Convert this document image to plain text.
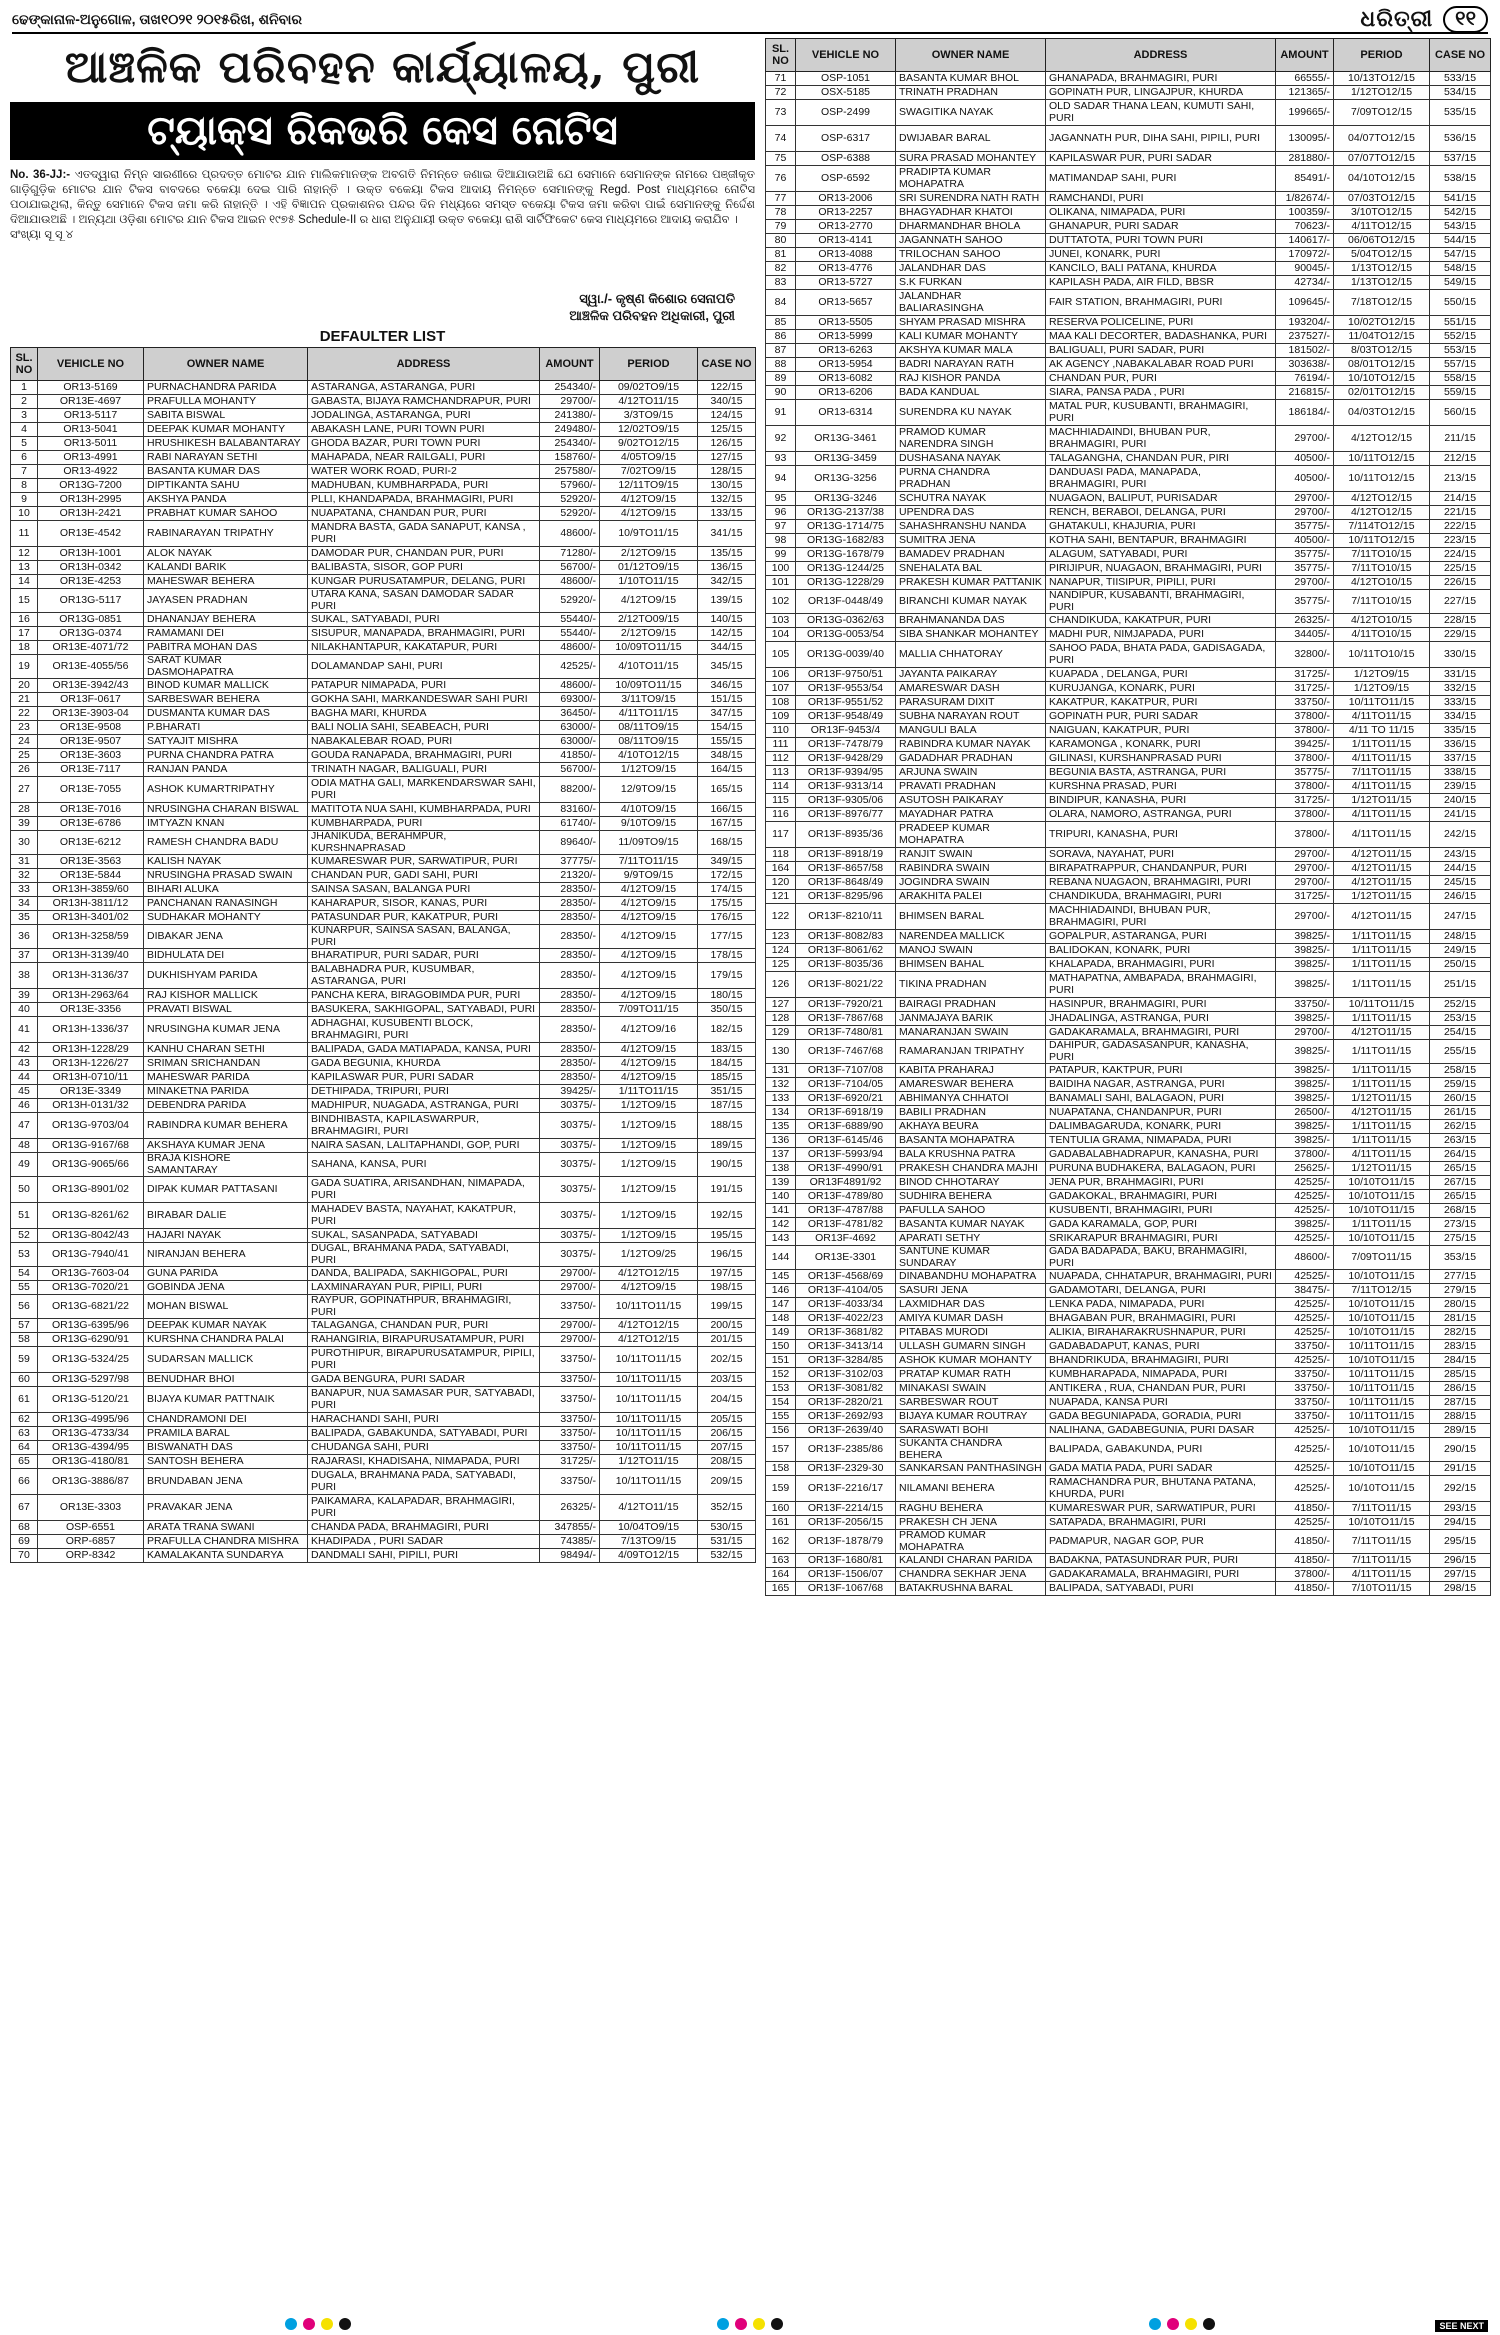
ଢେଙ୍କାନାଳ-ଅନୁଗୋଳ, ତାଖ୧୦୨୧ ୨୦୧୫ରିଖ, ଶନିବାର	ଧରିତ୍ରୀ	୧୧
ଆଞ୍ଚଳିକ ପରିବହନ କାର୍ଯ୍ୟାଳୟ, ପୁରୀ
ଟ୍ୟାକ୍ସ ରିକଭରି କେସ ନୋଟିସ
No. 36-JJ:- ଏତଦ୍ୱାରା ନିମ୍ନ ସାରଣୀରେ ପ୍ରଦତ୍ତ ମୋଟର ଯାନ ମାଲିକମାନଙ୍କ ଅବଗତି ନିମନ୍ତେ ଜଣାଇ ଦିଆଯାଉଅଛି ଯେ ସେମାନେ ସେମାନଙ୍କ ନାମରେ ପଞ୍ଜୀକୃତ ଗାଡ଼ିଗୁଡ଼ିକ ମୋଟର ଯାନ ଟିକସ ବାବଦରେ ବକେୟା ଦେଇ ପାରି ନାହାନ୍ତି । ଉକ୍ତ ବକେୟା ଟିକସ ଆଦାୟ ନିମନ୍ତେ ସେମାନଙ୍କୁ Regd. Post ମାଧ୍ୟମରେ ନୋଟିସ ପଠାଯାଇଥିଲା, କିନ୍ତୁ ସେମାନେ ଟିକସ ଜମା କରି ନାହାନ୍ତି । ଏହି ବିଜ୍ଞାପନ ପ୍ରକାଶନର ପନ୍ଦର ଦିନ ମଧ୍ୟରେ ସମସ୍ତ ବକେୟା ଟିକସ ଜମା କରିବା ପାଇଁ ସେମାନଙ୍କୁ ନିର୍ଦ୍ଦେଶ ଦିଆଯାଉଅଛି । ଅନ୍ୟଥା ଓଡ଼ିଶା ମୋଟର ଯାନ ଟିକସ ଆଇନ ୧୯୭୫ Schedule-II ର ଧାରା ଅନୁଯାୟୀ ଉକ୍ତ ବକେୟା ରାଶି ସାର୍ଟିଫିକେଟ କେସ ମାଧ୍ୟମରେ ଆଦାୟ କରାଯିବ ।
ସଂଖ୍ୟା ସୂ ସୂ ୪
ସ୍ୱା./- କୃଷ୍ଣ କିଶୋର ସେନାପତି
ଆଞ୍ଚଳିକ ପରିବହନ ଅଧିକାରୀ, ପୁରୀ
DEFAULTER LIST
SL. NO	VEHICLE NO	OWNER NAME	ADDRESS	AMOUNT	PERIOD	CASE NO
1	OR13-5169	PURNACHANDRA PARIDA	ASTARANGA, ASTARANGA, PURI	254340/-	09/02TO9/15	122/15
2	OR13E-4697	PRAFULLA MOHANTY	GABASTA, BIJAYA RAMCHANDRAPUR, PURI	29700/-	4/12TO11/15	340/15
3	OR13-5117	SABITA BISWAL	JODALINGA, ASTARANGA, PURI	241380/-	3/3TO9/15	124/15
4	OR13-5041	DEEPAK KUMAR MOHANTY	ABAKASH LANE, PURI TOWN PURI	249480/-	12/02TO9/15	125/15
5	OR13-5011	HRUSHIKESH BALABANTARAY	GHODA BAZAR, PURI TOWN PURI	254340/-	9/02TO12/15	126/15
6	OR13-4991	RABI NARAYAN SETHI	MAHAPADA, NEAR RAILGALI, PURI	158760/-	4/05TO9/15	127/15
7	OR13-4922	BASANTA KUMAR DAS	WATER WORK ROAD, PURI-2	257580/-	7/02TO9/15	128/15
8	OR13G-7200	DIPTIKANTA SAHU	MADHUBAN, KUMBHARPADA, PURI	57960/-	12/11TO9/15	130/15
9	OR13H-2995	AKSHYA PANDA	PLLI, KHANDAPADA, BRAHMAGIRI, PURI	52920/-	4/12TO9/15	132/15
10	OR13H-2421	PRABHAT KUMAR SAHOO	NUAPATANA, CHANDAN PUR, PURI	52920/-	4/12TO9/15	133/15
11	OR13E-4542	RABINARAYAN TRIPATHY	MANDRA BASTA, GADA SANAPUT, KANSA , PURI	48600/-	10/9TO11/15	341/15
12	OR13H-1001	ALOK NAYAK	DAMODAR PUR, CHANDAN PUR, PURI	71280/-	2/12TO9/15	135/15
13	OR13H-0342	KALANDI BARIK	BALIBASTA, SISOR, GOP PURI	56700/-	01/12TO9/15	136/15
14	OR13E-4253	MAHESWAR BEHERA	KUNGAR PURUSATAMPUR, DELANG, PURI	48600/-	1/10TO11/15	342/15
15	OR13G-5117	JAYASEN PRADHAN	UTARA KANA, SASAN DAMODAR SADAR PURI	52920/-	4/12TO9/15	139/15
16	OR13G-0851	DHANANJAY BEHERA	SUKAL, SATYABADI, PURI	55440/-	2/12TO09/15	140/15
17	OR13G-0374	RAMAMANI DEI	SISUPUR, MANAPADA, BRAHMAGIRI, PURI	55440/-	2/12TO9/15	142/15
18	OR13E-4071/72	PABITRA MOHAN DAS	NILAKHANTAPUR, KAKATAPUR, PURI	48600/-	10/09TO11/15	344/15
19	OR13E-4055/56	SARAT KUMAR DASMOHAPATRA	DOLAMANDAP SAHI, PURI	42525/-	4/10TO11/15	345/15
20	OR13E-3942/43	BINOD KUMAR MALLICK	PATAPUR NIMAPADA, PURI	48600/-	10/09TO11/15	346/15
21	OR13F-0617	SARBESWAR BEHERA	GOKHA SAHI, MARKANDESWAR SAHI PURI	69300/-	3/11TO9/15	151/15
22	OR13E-3903-04	DUSMANTA KUMAR DAS	BAGHA MARI, KHURDA	36450/-	4/11TO11/15	347/15
23	OR13E-9508	P.BHARATI	BALI NOLIA SAHI, SEABEACH, PURI	63000/-	08/11TO9/15	154/15
24	OR13E-9507	SATYAJIT MISHRA	NABAKALEBAR ROAD, PURI	63000/-	08/11TO9/15	155/15
25	OR13E-3603	PURNA CHANDRA PATRA	GOUDA RANAPADA, BRAHMAGIRI, PURI	41850/-	4/10TO12/15	348/15
26	OR13E-7117	RANJAN PANDA	TRINATH NAGAR, BALIGUALI, PURI	56700/-	1/12TO9/15	164/15
27	OR13E-7055	ASHOK KUMARTRIPATHY	ODIA MATHA GALI, MARKENDARSWAR SAHI, PURI	88200/-	12/9TO9/15	165/15
28	OR13E-7016	NRUSINGHA CHARAN BISWAL	MATITOTA NUA SAHI, KUMBHARPADA, PURI	83160/-	4/10TO9/15	166/15
39	OR13E-6786	IMTYAZN KNAN	KUMBHARPADA, PURI	61740/-	9/10TO9/15	167/15
30	OR13E-6212	RAMESH CHANDRA BADU	JHANIKUDA, BERAHMPUR, KURSHNAPRASAD	89640/-	11/09TO9/15	168/15
31	OR13E-3563	KALISH NAYAK	KUMARESWAR PUR, SARWATIPUR, PURI	37775/-	7/11TO11/15	349/15
32	OR13E-5844	NRUSINGHA PRASAD SWAIN	CHANDAN PUR, GADI SAHI, PURI	21320/-	9/9TO9/15	172/15
33	OR13H-3859/60	BIHARI ALUKA	SAINSA SASAN, BALANGA PURI	28350/-	4/12TO9/15	174/15
34	OR13H-3811/12	PANCHANAN RANASINGH	KAHARAPUR, SISOR, KANAS, PURI	28350/-	4/12TO9/15	175/15
35	OR13H-3401/02	SUDHAKAR MOHANTY	PATASUNDAR PUR, KAKATPUR, PURI	28350/-	4/12TO9/15	176/15
36	OR13H-3258/59	DIBAKAR JENA	KUNARPUR, SAINSA SASAN, BALANGA, PURI	28350/-	4/12TO9/15	177/15
37	OR13H-3139/40	BIDHULATA DEI	BHARATIPUR, PURI SADAR, PURI	28350/-	4/12TO9/15	178/15
38	OR13H-3136/37	DUKHISHYAM PARIDA	BALABHADRA PUR, KUSUMBAR, ASTARANGA, PURI	28350/-	4/12TO9/15	179/15
39	OR13H-2963/64	RAJ KISHOR MALLICK	PANCHA KERA, BIRAGOBIMDA PUR, PURI	28350/-	4/12TO9/15	180/15
40	OR13E-3356	PRAVATI BISWAL	BASUKERA, SAKHIGOPAL, SATYABADI, PURI	28350/-	7/09TO11/15	350/15
41	OR13H-1336/37	NRUSINGHA KUMAR JENA	ADHAGHAI, KUSUBENTI BLOCK, BRAHMAGIRI, PURI	28350/-	4/12TO9/16	182/15
42	OR13H-1228/29	KANHU CHARAN SETHI	BALIPADA, GADA MATIAPADA, KANSA, PURI	28350/-	4/12TO9/15	183/15
43	OR13H-1226/27	SRIMAN SRICHANDAN	GADA BEGUNIA, KHURDA	28350/-	4/12TO9/15	184/15
44	OR13H-0710/11	MAHESWAR PARIDA	KAPILASWAR PUR, PURI SADAR	28350/-	4/12TO9/15	185/15
45	OR13E-3349	MINAKETNA PARIDA	DETHIPADA, TRIPURI, PURI	39425/-	1/11TO11/15	351/15
46	OR13H-0131/32	DEBENDRA PARIDA	MADHIPUR, NUAGADA, ASTRANGA, PURI	30375/-	1/12TO9/15	187/15
47	OR13G-9703/04	RABINDRA KUMAR BEHERA	BINDHIBASTA, KAPILASWARPUR, BRAHMAGIRI, PURI	30375/-	1/12TO9/15	188/15
48	OR13G-9167/68	AKSHAYA KUMAR JENA	NAIRA SASAN, LALITAPHANDI, GOP, PURI	30375/-	1/12TO9/15	189/15
49	OR13G-9065/66	BRAJA KISHORE SAMANTARAY	SAHANA, KANSA, PURI	30375/-	1/12TO9/15	190/15
50	OR13G-8901/02	DIPAK KUMAR PATTASANI	GADA SUATIRA, ARISANDHAN, NIMAPADA, PURI	30375/-	1/12TO9/15	191/15
51	OR13G-8261/62	BIRABAR DALIE	MAHADEV BASTA, NAYAHAT, KAKATPUR, PURI	30375/-	1/12TO9/15	192/15
52	OR13G-8042/43	HAJARI NAYAK	SUKAL, SASANPADA, SATYABADI	30375/-	1/12TO9/15	195/15
53	OR13G-7940/41	NIRANJAN BEHERA	DUGAL, BRAHMANA PADA, SATYABADI, PURI	30375/-	1/12TO9/25	196/15
54	OR13G-7603-04	GUNA PARIDA	DANDA, BALIPADA, SAKHIGOPAL, PURI	29700/-	4/12TO12/15	197/15
55	OR13G-7020/21	GOBINDA JENA	LAXMINARAYAN PUR, PIPILI, PURI	29700/-	4/12TO9/15	198/15
56	OR13G-6821/22	MOHAN BISWAL	RAYPUR, GOPINATHPUR, BRAHMAGIRI, PURI	33750/-	10/11TO11/15	199/15
57	OR13G-6395/96	DEEPAK KUMAR NAYAK	TALAGANGA, CHANDAN PUR, PURI	29700/-	4/12TO12/15	200/15
58	OR13G-6290/91	KURSHNA CHANDRA PALAI	RAHANGIRIA, BIRAPURUSATAMPUR, PURI	29700/-	4/12TO12/15	201/15
59	OR13G-5324/25	SUDARSAN MALLICK	PUROTHIPUR, BIRAPURUSATAMPUR, PIPILI, PURI	33750/-	10/11TO11/15	202/15
60	OR13G-5297/98	BENUDHAR BHOI	GADA BENGURA, PURI SADAR	33750/-	10/11TO11/15	203/15
61	OR13G-5120/21	BIJAYA KUMAR PATTNAIK	BANAPUR, NUA SAMASAR PUR, SATYABADI, PURI	33750/-	10/11TO11/15	204/15
62	OR13G-4995/96	CHANDRAMONI DEI	HARACHANDI SAHI, PURI	33750/-	10/11TO11/15	205/15
63	OR13G-4733/34	PRAMILA BARAL	BALIPADA, GABAKUNDA, SATYABADI, PURI	33750/-	10/11TO11/15	206/15
64	OR13G-4394/95	BISWANATH DAS	CHUDANGA SAHI, PURI	33750/-	10/11TO11/15	207/15
65	OR13G-4180/81	SANTOSH BEHERA	RAJARASI, KHADISAHA, NIMAPADA, PURI	31725/-	1/12TO11/15	208/15
66	OR13G-3886/87	BRUNDABAN JENA	DUGALA, BRAHMANA PADA, SATYABADI, PURI	33750/-	10/11TO11/15	209/15
67	OR13E-3303	PRAVAKAR JENA	PAIKAMARA, KALAPADAR, BRAHMAGIRI, PURI	26325/-	4/12TO11/15	352/15
68	OSP-6551	ARATA TRANA SWANI	CHANDA PADA, BRAHMAGIRI, PURI	347855/-	10/04TO9/15	530/15
69	ORP-6857	PRAFULLA CHANDRA MISHRA	KHADIPADA , PURI SADAR	74385/-	7/13TO9/15	531/15
70	ORP-8342	KAMALAKANTA SUNDARYA	DANDMALI SAHI, PIPILI, PURI	98494/-	4/09TO12/15	532/15
SL. NO	VEHICLE NO	OWNER NAME	ADDRESS	AMOUNT	PERIOD	CASE NO
71	OSP-1051	BASANTA KUMAR BHOL	GHANAPADA, BRAHMAGIRI, PURI	66555/-	10/13TO12/15	533/15
72	OSX-5185	TRINATH PRADHAN	GOPINATH PUR, LINGAJPUR, KHURDA	121365/-	1/12TO12/15	534/15
73	OSP-2499	SWAGITIKA NAYAK	OLD SADAR THANA LEAN, KUMUTI SAHI, PURI	199665/-	7/09TO12/15	535/15
74	OSP-6317	DWIJABAR BARAL	JAGANNATH PUR, DIHA SAHI, PIPILI, PURI	130095/-	04/07TO12/15	536/15
75	OSP-6388	SURA PRASAD MOHANTEY	KAPILASWAR PUR, PURI SADAR	281880/-	07/07TO12/15	537/15
76	OSP-6592	PRADIPTA KUMAR MOHAPATRA	MATIMANDAP SAHI, PURI	85491/-	04/10TO12/15	538/15
77	OR13-2006	SRI SURENDRA NATH RATH	RAMCHANDI, PURI	1/82674/-	07/03TO12/15	541/15
78	OR13-2257	BHAGYADHAR KHATOI	OLIKANA, NIMAPADA, PURI	100359/-	3/10TO12/15	542/15
79	OR13-2770	DHARMANDHAR BHOLA	GHANAPUR, PURI SADAR	70623/-	4/11TO12/15	543/15
80	OR13-4141	JAGANNATH SAHOO	DUTTATOTA, PURI TOWN PURI	140617/-	06/06TO12/15	544/15
81	OR13-4088	TRILOCHAN SAHOO	JUNEI, KONARK, PURI	170972/-	5/04TO12/15	547/15
82	OR13-4776	JALANDHAR DAS	KANCILO, BALI PATANA, KHURDA	90045/-	1/13TO12/15	548/15
83	OR13-5727	S.K FURKAN	KAPILASH PADA, AIR FILD, BBSR	42734/-	1/13TO12/15	549/15
84	OR13-5657	JALANDHAR BALIARASINGHA	FAIR STATION, BRAHMAGIRI, PURI	109645/-	7/18TO12/15	550/15
85	OR13-5505	SHYAM PRASAD MISHRA	RESERVA POLICELINE, PURI	193204/-	10/02TO12/15	551/15
86	OR13-5999	KALI KUMAR MOHANTY	MAA KALI DECORTER, BADASHANKA, PURI	237527/-	11/04TO12/15	552/15
87	OR13-6263	AKSHYA KUMAR MALA	BALIGUALI, PURI SADAR, PURI	181502/-	8/03TO12/15	553/15
88	OR13-5954	BADRI NARAYAN RATH	AK AGENCY ,NABAKALABAR ROAD PURI	303638/-	08/01TO12/15	557/15
89	OR13-6082	RAJ KISHOR PANDA	CHANDAN PUR, PURI	76194/-	10/10TO12/15	558/15
90	OR13-6206	BADA KANDUAL	SIARA, PANSA PADA , PURI	216815/-	02/01TO12/15	559/15
91	OR13-6314	SURENDRA KU NAYAK	MATAL PUR, KUSUBANTI, BRAHMAGIRI, PURI	186184/-	04/03TO12/15	560/15
92	OR13G-3461	PRAMOD KUMAR NARENDRA SINGH	MACHHIADAINDI, BHUBAN PUR, BRAHMAGIRI, PURI	29700/-	4/12TO12/15	211/15
93	OR13G-3459	DUSHASANA NAYAK	TALAGANGHA, CHANDAN PUR, PIRI	40500/-	10/11TO12/15	212/15
94	OR13G-3256	PURNA CHANDRA PRADHAN	DANDUASI PADA, MANAPADA, BRAHMAGIRI, PURI	40500/-	10/11TO12/15	213/15
95	OR13G-3246	SCHUTRA NAYAK	NUAGAON, BALIPUT, PURISADAR	29700/-	4/12TO12/15	214/15
96	OR13G-2137/38	UPENDRA DAS	RENCH, BERABOI, DELANGA, PURI	29700/-	4/12TO12/15	221/15
97	OR13G-1714/75	SAHASHRANSHU NANDA	GHATAKULI, KHAJURIA, PURI	35775/-	7/114TO12/15	222/15
98	OR13G-1682/83	SUMITRA JENA	KOTHA SAHI, BENTAPUR, BRAHMAGIRI	40500/-	10/11TO12/15	223/15
99	OR13G-1678/79	BAMADEV PRADHAN	ALAGUM, SATYABADI, PURI	35775/-	7/11TO10/15	224/15
100	OR13G-1244/25	SNEHALATA BAL	PIRIJIPUR, NUAGAON, BRAHMAGIRI, PURI	35775/-	7/11TO10/15	225/15
101	OR13G-1228/29	PRAKESH KUMAR PATTANIK	NANAPUR, TIISIPUR, PIPILI, PURI	29700/-	4/12TO10/15	226/15
102	OR13F-0448/49	BIRANCHI KUMAR NAYAK	NANDIPUR, KUSABANTI, BRAHMAGIRI, PURI	35775/-	7/11TO10/15	227/15
103	OR13G-0362/63	BRAHMANANDA DAS	CHANDIKUDA, KAKATPUR, PURI	26325/-	4/12TO10/15	228/15
104	OR13G-0053/54	SIBA SHANKAR MOHANTEY	MADHI PUR, NIMJAPADA, PURI	34405/-	4/11TO10/15	229/15
105	OR13G-0039/40	MALLIA CHHATORAY	SAHOO PADA, BHATA PADA, GADISAGADA, PURI	32800/-	10/11TO10/15	330/15
106	OR13F-9750/51	JAYANTA PAIKARAY	KUAPADA , DELANGA, PURI	31725/-	1/12TO9/15	331/15
107	OR13F-9553/54	AMARESWAR DASH	KURUJANGA, KONARK, PURI	31725/-	1/12TO9/15	332/15
108	OR13F-9551/52	PARASURAM DIXIT	KAKATPUR, KAKATPUR, PURI	33750/-	10/11TO11/15	333/15
109	OR13F-9548/49	SUBHA NARAYAN ROUT	GOPINATH PUR, PURI SADAR	37800/-	4/11TO11/15	334/15
110	OR13F-9453/4	MANGULI BALA	NAIGUAN, KAKATPUR, PURI	37800/-	4/11 TO 11/15	335/15
111	OR13F-7478/79	RABINDRA KUMAR NAYAK	KARAMONGA , KONARK, PURI	39425/-	1/11TO11/15	336/15
112	OR13F-9428/29	GADADHAR PRADHAN	GILINASI, KURSHANPRASAD PURI	37800/-	4/11TO11/15	337/15
113	OR13F-9394/95	ARJUNA SWAIN	BEGUNIA BASTA, ASTRANGA, PURI	35775/-	7/11TO11/15	338/15
114	OR13F-9313/14	PRAVATI PRADHAN	KURSHNA PRASAD, PURI	37800/-	4/11TO11/15	239/15
115	OR13F-9305/06	ASUTOSH PAIKARAY	BINDIPUR, KANASHA, PURI	31725/-	1/12TO11/15	240/15
116	OR13F-8976/77	MAYADHAR PATRA	OLARA, NAMORO, ASTRANGA, PURI	37800/-	4/11TO11/15	241/15
117	OR13F-8935/36	PRADEEP KUMAR MOHAPATRA	TRIPURI, KANASHA, PURI	37800/-	4/11TO11/15	242/15
118	OR13F-8918/19	RANJIT SWAIN	SORAVA, NAYAHAT, PURI	29700/-	4/12TO11/15	243/15
164	OR13F-8657/58	RABINDRA SWAIN	BIRAPATRAPPUR, CHANDANPUR, PURI	29700/-	4/12TO11/15	244/15
120	OR13F-8648/49	JOGINDRA SWAIN	REBANA NUAGAON, BRAHMAGIRI, PURI	29700/-	4/12TO11/15	245/15
121	OR13F-8295/96	ARAKHITA PALEI	CHANDIKUDA, BRAHMAGIRI, PURI	31725/-	1/12TO11/15	246/15
122	OR13F-8210/11	BHIMSEN BARAL	MACHHIADAINDI, BHUBAN PUR, BRAHMAGIRI, PURI	29700/-	4/12TO11/15	247/15
123	OR13F-8082/83	NARENDEA MALLICK	GOPALPUR, ASTARANGA, PURI	39825/-	1/11TO11/15	248/15
124	OR13F-8061/62	MANOJ SWAIN	BALIDOKAN, KONARK, PURI	39825/-	1/11TO11/15	249/15
125	OR13F-8035/36	BHIMSEN BAHAL	KHALAPADA, BRAHMAGIRI, PURI	39825/-	1/11TO11/15	250/15
126	OR13F-8021/22	TIKINA PRADHAN	MATHAPATNA, AMBAPADA, BRAHMAGIRI, PURI	39825/-	1/11TO11/15	251/15
127	OR13F-7920/21	BAIRAGI PRADHAN	HASINPUR, BRAHMAGIRI, PURI	33750/-	10/11TO11/15	252/15
128	OR13F-7867/68	JANMAJAYA BARIK	JHADALINGA, ASTRANGA, PURI	39825/-	1/11TO11/15	253/15
129	OR13F-7480/81	MANARANJAN SWAIN	GADAKARAMALA, BRAHMAGIRI, PURI	29700/-	4/12TO11/15	254/15
130	OR13F-7467/68	RAMARANJAN TRIPATHY	DAHIPUR, GADASASANPUR, KANASHA, PURI	39825/-	1/11TO11/15	255/15
131	OR13F-7107/08	KABITA PRAHARAJ	PATAPUR, KAKTPUR, PURI	39825/-	1/11TO11/15	258/15
132	OR13F-7104/05	AMARESWAR BEHERA	BAIDIHA NAGAR, ASTRANGA, PURI	39825/-	1/11TO11/15	259/15
133	OR13F-6920/21	ABHIMANYA CHHATOI	BANAMALI SAHI, BALAGAON, PURI	39825/-	1/12TO11/15	260/15
134	OR13F-6918/19	BABILI PRADHAN	NUAPATANA, CHANDANPUR, PURI	26500/-	4/12TO11/15	261/15
135	OR13F-6889/90	AKHAYA BEURA	DALIMBAGARUDA, KONARK, PURI	39825/-	1/11TO11/15	262/15
136	OR13F-6145/46	BASANTA MOHAPATRA	TENTULIA GRAMA, NIMAPADA, PURI	39825/-	1/11TO11/15	263/15
137	OR13F-5993/94	BALA KRUSHNA PATRA	GADABALABHADRAPUR, KANASHA, PURI	37800/-	4/11TO11/15	264/15
138	OR13F-4990/91	PRAKESH CHANDRA MAJHI	PURUNA BUDHAKERA, BALAGAON, PURI	25625/-	1/12TO11/15	265/15
139	OR13F4891/92	BINOD CHHOTARAY	JENA PUR, BRAHMAGIRI, PURI	42525/-	10/10TO11/15	267/15
140	OR13F-4789/80	SUDHIRA BEHERA	GADAKOKAL, BRAHMAGIRI, PURI	42525/-	10/10TO11/15	265/15
141	OR13F-4787/88	PAFULLA SAHOO	KUSUBENTI, BRAHMAGIRI, PURI	42525/-	10/10TO11/15	268/15
142	OR13F-4781/82	BASANTA KUMAR NAYAK	GADA KARAMALA, GOP, PURI	39825/-	1/11TO11/15	273/15
143	OR13F-4692	APARATI SETHY	SRIKARAPUR BRAHMAGIRI, PURI	42525/-	10/10TO11/15	275/15
144	OR13E-3301	SANTUNE KUMAR SUNDARAY	GADA BADAPADA, BAKU, BRAHMAGIRI, PURI	48600/-	7/09TO11/15	353/15
145	OR13F-4568/69	DINABANDHU MOHAPATRA	NUAPADA, CHHATAPUR, BRAHMAGIRI, PURI	42525/-	10/10TO11/15	277/15
146	OR13F-4104/05	SASURI JENA	GADAMOTARI, DELANGA, PURI	38475/-	7/11TO12/15	279/15
147	OR13F-4033/34	LAXMIDHAR DAS	LENKA PADA, NIMAPADA, PURI	42525/-	10/10TO11/15	280/15
148	OR13F-4022/23	AMIYA KUMAR DASH	BHAGABAN PUR, BRAHMAGIRI, PURI	42525/-	10/10TO11/15	281/15
149	OR13F-3681/82	PITABAS MURODI	ALIKIA, BIRAHARAKRUSHNAPUR, PURI	42525/-	10/10TO11/15	282/15
150	OR13F-3413/14	ULLASH GUMARN SINGH	GADABADAPUT, KANAS, PURI	33750/-	10/11TO11/15	283/15
151	OR13F-3284/85	ASHOK KUMAR MOHANTY	BHANDRIKUDA, BRAHMAGIRI, PURI	42525/-	10/10TO11/15	284/15
152	OR13F-3102/03	PRATAP KUMAR RATH	KUMBHARAPADA, NIMAPADA, PURI	33750/-	10/11TO11/15	285/15
153	OR13F-3081/82	MINAKASI SWAIN	ANTIKERA , RUA, CHANDAN PUR, PURI	33750/-	10/11TO11/15	286/15
154	OR13F-2820/21	SARBESWAR ROUT	NUAPADA, KANSA PURI	33750/-	10/11TO11/15	287/15
155	OR13F-2692/93	BIJAYA KUMAR ROUTRAY	GADA BEGUNIAPADA, GORADIA, PURI	33750/-	10/11TO11/15	288/15
156	OR13F-2639/40	SARASWATI BOHI	NALIHANA, GADABEGUNIA, PURI DASAR	42525/-	10/10TO11/15	289/15
157	OR13F-2385/86	SUKANTA CHANDRA BEHERA	BALIPADA, GABAKUNDA, PURI	42525/-	10/10TO11/15	290/15
158	OR13F-2329-30	SANKARSAN PANTHASINGH	GADA MATIA PADA, PURI SADAR	42525/-	10/10TO11/15	291/15
159	OR13F-2216/17	NILAMANI BEHERA	RAMACHANDRA PUR, BHUTANA PATANA, KHURDA, PURI	42525/-	10/10TO11/15	292/15
160	OR13F-2214/15	RAGHU BEHERA	KUMARESWAR PUR, SARWATIPUR, PURI	41850/-	7/11TO11/15	293/15
161	OR13F-2056/15	PRAKESH CH JENA	SATAPADA, BRAHMAGIRI, PURI	42525/-	10/10TO11/15	294/15
162	OR13F-1878/79	PRAMOD KUMAR MOHAPATRA	PADMAPUR, NAGAR GOP, PUR	41850/-	7/11TO11/15	295/15
163	OR13F-1680/81	KALANDI CHARAN PARIDA	BADAKNA, PATASUNDRAR PUR, PURI	41850/-	7/11TO11/15	296/15
164	OR13F-1506/07	CHANDRA SEKHAR JENA	GADAKARAMALA, BRAHMAGIRI, PURI	37800/-	4/11TO11/15	297/15
165	OR13F-1067/68	BATAKRUSHNA BARAL	BALIPADA, SATYABADI, PURI	41850/-	7/10TO11/15	298/15
SEE NEXT
